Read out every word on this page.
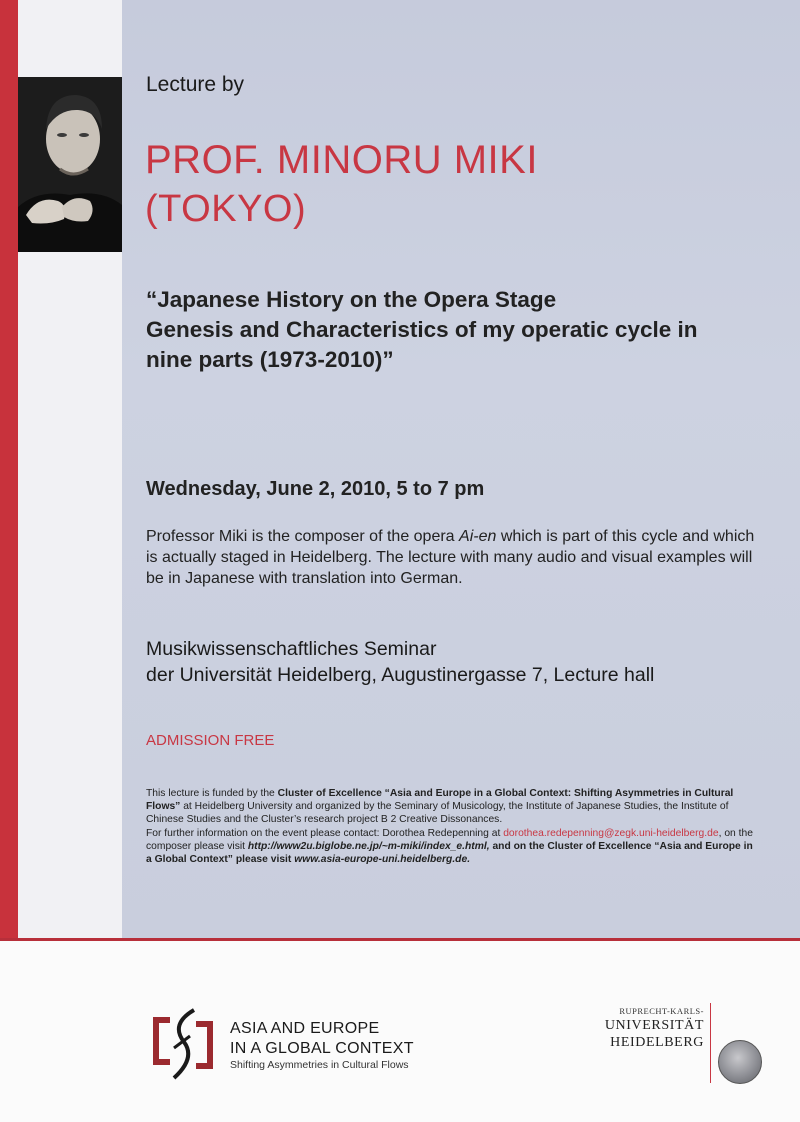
Lecture by

PROF. MINORU MIKI

(TOKYO)

“Japanese History on the Opera Stage

Genesis and Characteristics of my operatic cycle in

nine parts (1973-2010)”

Wednesday, June 2, 2010, 5 to 7 pm

Professor Miki is the composer of the opera Ai-en which is part of this cycle and which is actually staged in Heidelberg. The lecture with many audio and visual examples will be in Japanese with translation into German.

Musikwissenschaftliches Seminar

der Universität Heidelberg, Augustinergasse 7, Lecture hall

ADMISSION FREE

This lecture is funded by the Cluster of Excellence “Asia and Europe in a Global Context: Shifting Asymmetries in Cultural Flows” at Heidelberg University and organized by the Seminary of Musicology, the Institute of Japanese Studies, the Institute of Chinese Studies and the Cluster’s research project B 2 Creative Dissonances.
For further information on the event please contact: Dorothea Redepenning at dorothea.redepenning@zegk.uni-heidelberg.de, on the composer please visit http://www2u.biglobe.ne.jp/~m-miki/index_e.html, and on the Cluster of Excellence “Asia and Europe in a Global Context” please visit www.asia-europe-uni.heidelberg.de.

ASIA AND EUROPE

IN A GLOBAL CONTEXT

Shifting Asymmetries in Cultural Flows

RUPRECHT-KARLS-

UNIVERSITÄT

HEIDELBERG
